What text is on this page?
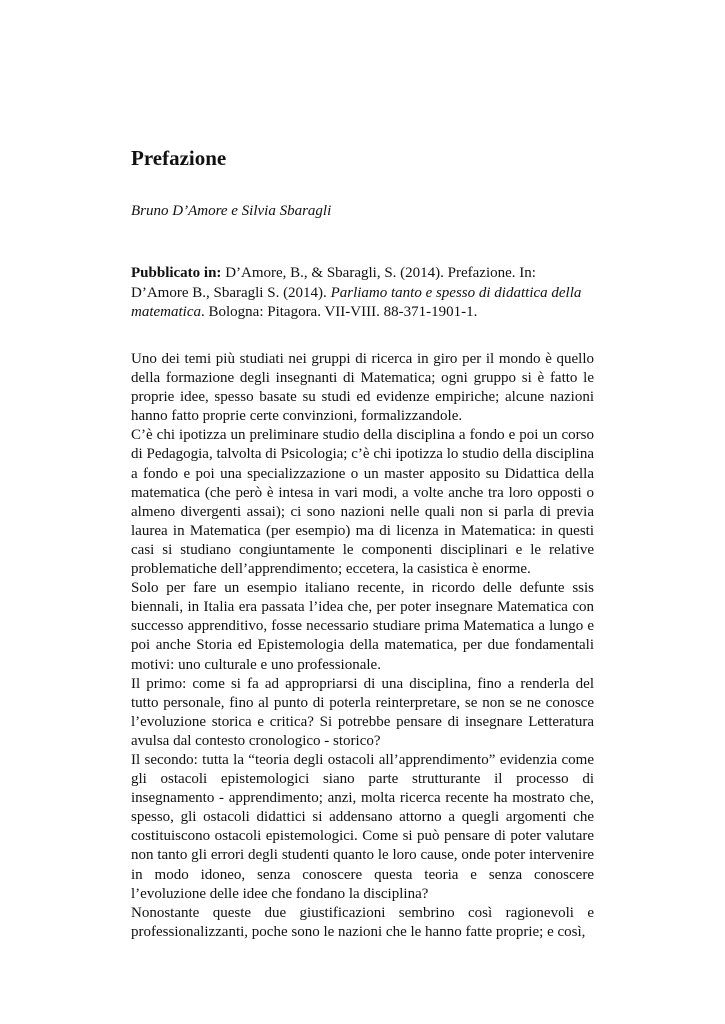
Prefazione

Bruno D’Amore e Silvia Sbaragli

Pubblicato in: D’Amore, B., & Sbaragli, S. (2014). Prefazione. In: D’Amore B., Sbaragli S. (2014). Parliamo tanto e spesso di didattica della matematica. Bologna: Pitagora. VII-VIII. 88-371-1901-1.

Uno dei temi più studiati nei gruppi di ricerca in giro per il mondo è quello della formazione degli insegnanti di Matematica; ogni gruppo si è fatto le proprie idee, spesso basate su studi ed evidenze empiriche; alcune nazioni hanno fatto proprie certe convinzioni, formalizzandole.

C’è chi ipotizza un preliminare studio della disciplina a fondo e poi un corso di Pedagogia, talvolta di Psicologia; c’è chi ipotizza lo studio della disciplina a fondo e poi una specializzazione o un master apposito su Didattica della matematica (che però è intesa in vari modi, a volte anche tra loro opposti o almeno divergenti assai); ci sono nazioni nelle quali non si parla di previa laurea in Matematica (per esempio) ma di licenza in Matematica: in questi casi si studiano congiuntamente le componenti disciplinari e le relative problematiche dell’apprendimento; eccetera, la casistica è enorme.

Solo per fare un esempio italiano recente, in ricordo delle defunte ssis biennali, in Italia era passata l’idea che, per poter insegnare Matematica con successo apprenditivo, fosse necessario studiare prima Matematica a lungo e poi anche Storia ed Epistemologia della matematica, per due fondamentali motivi: uno culturale e uno professionale.

Il primo: come si fa ad appropriarsi di una disciplina, fino a renderla del tutto personale, fino al punto di poterla reinterpretare, se non se ne conosce l’evoluzione storica e critica? Si potrebbe pensare di insegnare Letteratura avulsa dal contesto cronologico - storico?

Il secondo: tutta la “teoria degli ostacoli all’apprendimento” evidenzia come gli ostacoli epistemologici siano parte strutturante il processo di insegnamento - apprendimento; anzi, molta ricerca recente ha mostrato che, spesso, gli ostacoli didattici si addensano attorno a quegli argomenti che costituiscono ostacoli epistemologici. Come si può pensare di poter valutare non tanto gli errori degli studenti quanto le loro cause, onde poter intervenire in modo idoneo, senza conoscere questa teoria e senza conoscere l’evoluzione delle idee che fondano la disciplina?

Nonostante queste due giustificazioni sembrino così ragionevoli e professionalizzanti, poche sono le nazioni che le hanno fatte proprie; e così,
